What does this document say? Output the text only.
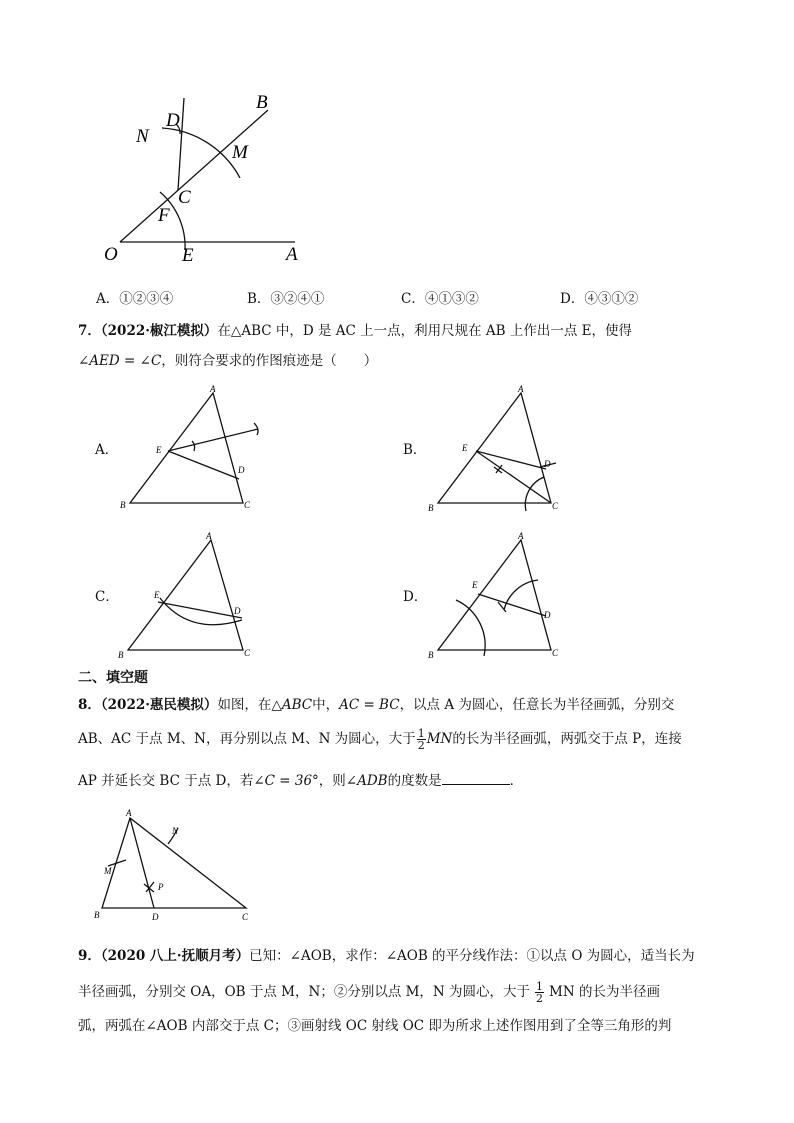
O	E	A
F
C
D
N
M
B
A．①②③④	B．③②④①	C．④①③②	D．④③①②
7．（2022·椒江模拟）在△ABC 中，D 是 AC 上一点，利用尺规在 AB 上作出一点 E，使得
∠AED = ∠C，则符合要求的作图痕迹是（　　）
A．	B．
C．	D．
A
E
D
B	C
A
E
D
B	C
A
E
D
B	C
A
E
D
B	C
二、填空题
8．（2022·惠民模拟）如图，在△ABC中，AC = BC，以点 A 为圆心，任意长为半径画弧，分别交
AB、AC 于点 M、N，再分别以点 M、N 为圆心，大于 $\frac{1}{2}$ MN的长为半径画弧，两弧交于点 P，连接
AP 并延长交 BC 于点 D，若∠C = 36°，则∠ADB的度数是	．
A
M
N
P
B	D	C
9．（2020 八上·抚顺月考）已知：∠AOB，求作：∠AOB 的平分线作法：①以点 O 为圆心，适当长为
半径画弧，分别交 OA，OB 于点 M，N；②分别以点 M，N 为圆心，大于 $\frac{1}{2}$ MN 的长为半径画
弧，两弧在∠AOB 内部交于点 C；③画射线 OC 射线 OC 即为所求上述作图用到了全等三角形的判
